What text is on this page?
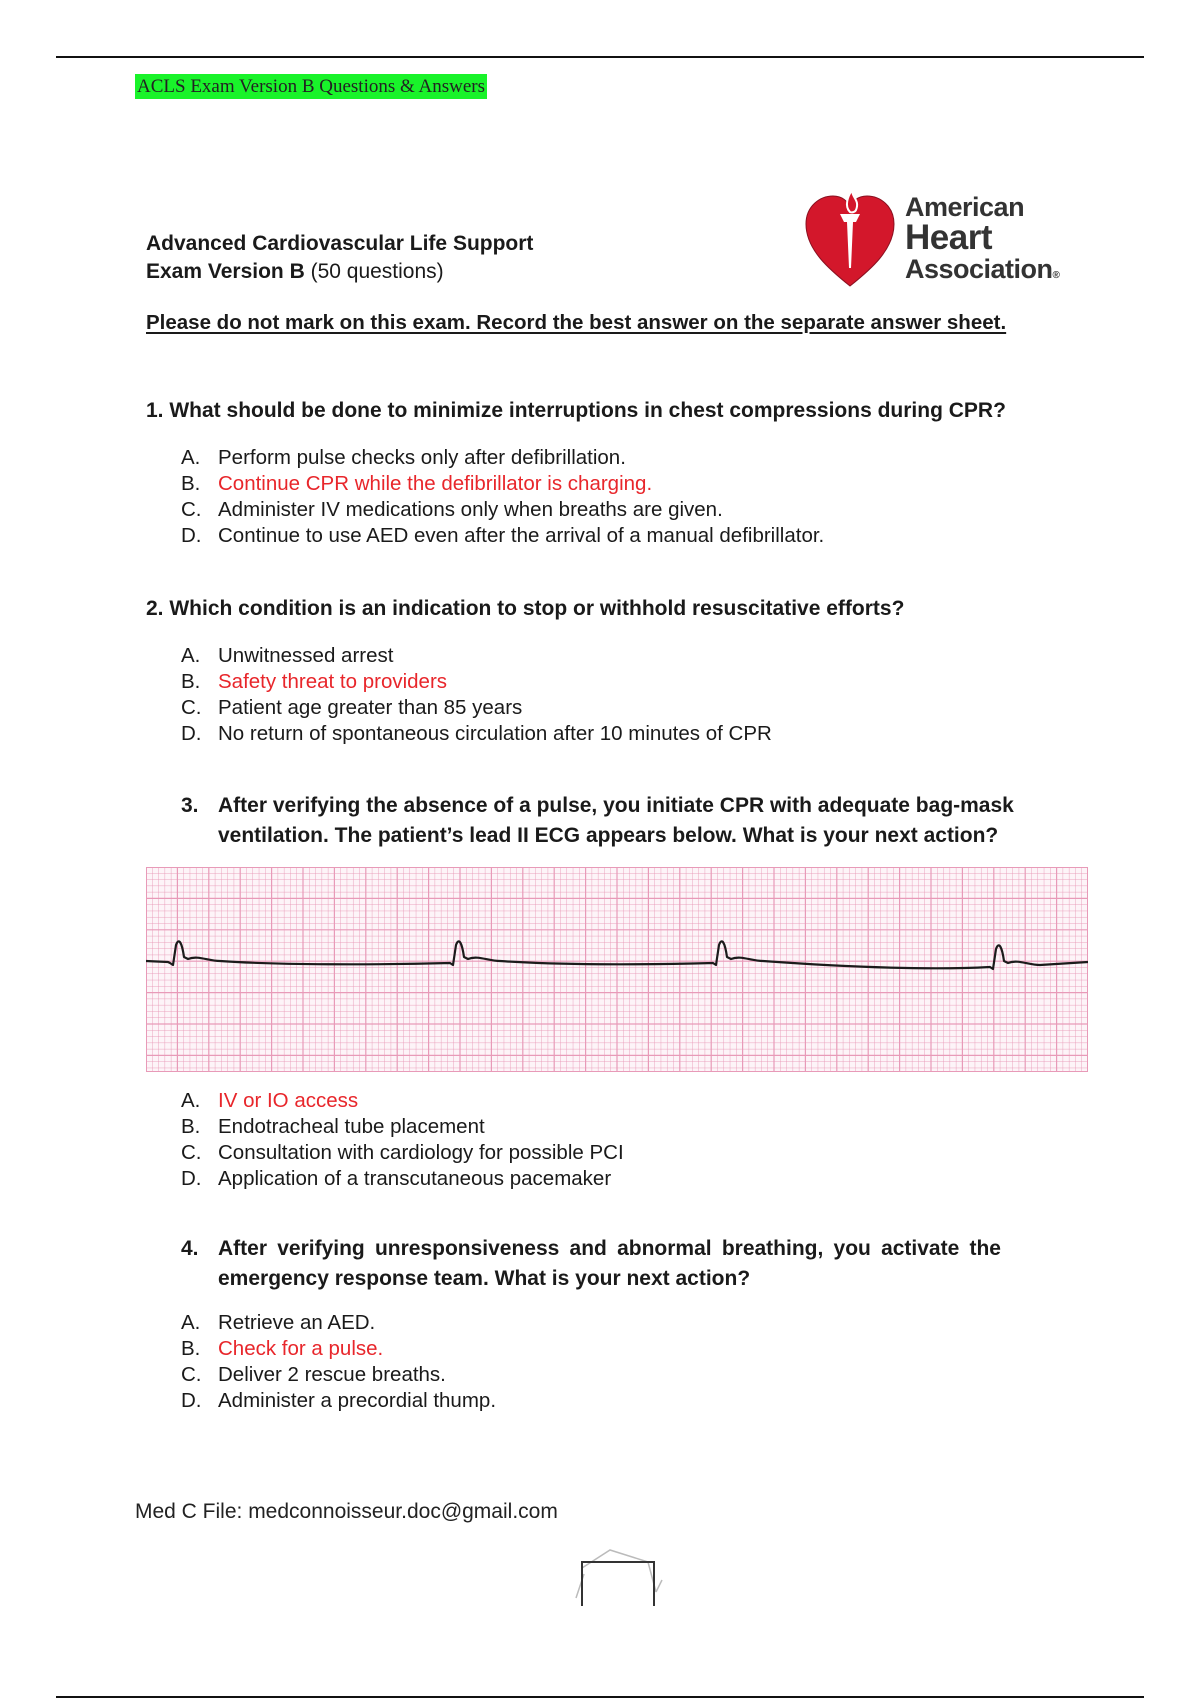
ACLS Exam Version B Questions & Answers
Advanced Cardiovascular Life Support
Exam Version B (50 questions)
American
Heart
Association®
Please do not mark on this exam. Record the best answer on the separate answer sheet.
1. What should be done to minimize interruptions in chest compressions during CPR?
A. Perform pulse checks only after defibrillation.
B. Continue CPR while the defibrillator is charging.
C. Administer IV medications only when breaths are given.
D. Continue to use AED even after the arrival of a manual defibrillator.
2. Which condition is an indication to stop or withhold resuscitative efforts?
A. Unwitnessed arrest
B. Safety threat to providers
C. Patient age greater than 85 years
D. No return of spontaneous circulation after 10 minutes of CPR
3. After verifying the absence of a pulse, you initiate CPR with adequate bag-mask ventilation. The patient’s lead II ECG appears below. What is your next action?
A. IV or IO access
B. Endotracheal tube placement
C. Consultation with cardiology for possible PCI
D. Application of a transcutaneous pacemaker
4. After verifying unresponsiveness and abnormal breathing, you activate the emergency response team. What is your next action?
A. Retrieve an AED.
B. Check for a pulse.
C. Deliver 2 rescue breaths.
D. Administer a precordial thump.
Med C File: medconnoisseur.doc@gmail.com
